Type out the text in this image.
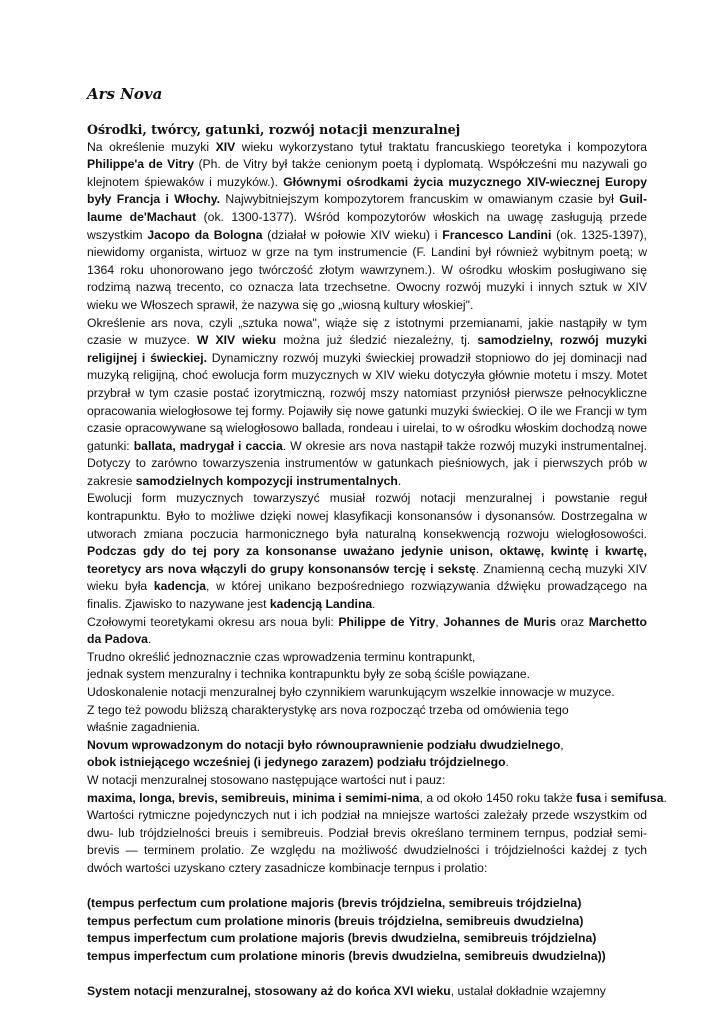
Ars Nova
Ośrodki, twórcy, gatunki, rozwój notacji menzuralnej

Na określenie muzyki XIV wieku wykorzystano tytuł traktatu francuskiego teoretyka i kompozytora Philippe'a de Vitry (Ph. de Vitry był także cenionym poetą i dyplomatą. Współcześni mu nazywali go klejnotem śpiewaków i muzyków.). Głównymi ośrodkami życia muzycznego XIV-wiecznej Europy były Francja i Włochy. Najwybitniejszym kompozytorem francuskim w omawianym czasie był Guillaume de'Machaut (ok. 1300-1377). Wśród kompozytorów włoskich na uwagę zasługują przede wszystkim Jacopo da Bologna (działał w połowie XIV wieku) i Francesco Landini (ok. 1325-1397), niewidomy organista, wirtuoz w grze na tym instrumencie (F. Landini był również wybitnym poetą; w 1364 roku uhonorowano jego twórczość złotym wawrzynem.). W ośrodku włoskim posługiwano się rodzimą nazwą trecento, co oznacza lata trzechsetne. Owocny rozwój muzyki i innych sztuk w XIV wieku we Włoszech sprawił, że nazywa się go „wiosną kultury włoskiej".

Określenie ars nova, czyli „sztuka nowa", wiąże się z istotnymi przemianami, jakie nastąpiły w tym czasie w muzyce. W XIV wieku można już śledzić niezależny, tj. samodzielny, rozwój muzyki religijnej i świeckiej. Dynamiczny rozwój muzyki świeckiej prowadził stopniowo do jej dominacji nad muzyką religijną, choć ewolucja form muzycznych w XIV wieku dotyczyła głównie motetu i mszy. Motet przybrał w tym czasie postać izorytmiczną, rozwój mszy natomiast przyniósł pierwsze pełnocykliczne opracowania wielogłosowe tej formy. Pojawiły się nowe gatunki muzyki świeckiej. O ile we Francji w tym czasie opracowywane są wielogłosowo ballada, rondeau i uirelai, to w ośrodku włoskim dochodzą nowe gatunki: ballata, madrygał i caccia. W okresie ars nova nastąpił także rozwój muzyki instrumentalnej. Dotyczy to zarówno towarzyszenia instrumentów w gatunkach pieśniowych, jak i pierwszych prób w zakresie samodzielnych kompozycji instrumentalnych.

Ewolucji form muzycznych towarzyszyć musiał rozwój notacji menzuralnej i powstanie reguł kontrapunktu. Było to możliwe dzięki nowej klasyfikacji konsonansów i dysonansów. Dostrzegalna w utworach zmiana poczucia harmonicznego była naturalną konsekwencją rozwoju wielogłosowości. Podczas gdy do tej pory za konsonanse uważano jedynie unison, oktawę, kwintę i kwartę, teoretycy ars nova włączyli do grupy konsonansów tercję i sekstę. Znamienną cechą muzyki XIV wieku była kadencja, w której unikano bezpośredniego rozwiązywania dźwięku prowadzącego na finalis. Zjawisko to nazywane jest kadencją Landina.

Czołowymi teoretykami okresu ars noua byli: Philippe de Yitry, Johannes de Muris oraz Marchetto da Padova.

Trudno określić jednoznacznie czas wprowadzenia terminu kontrapunkt,

jednak system menzuralny i technika kontrapunktu były ze sobą ściśle powiązane.

Udoskonalenie notacji menzuralnej było czynnikiem warunkującym wszelkie innowacje w muzyce.

Z tego też powodu bliższą charakterystykę ars nova rozpocząć trzeba od omówienia tego

właśnie zagadnienia.

Novum wprowadzonym do notacji było równouprawnienie podziału dwudzielnego,

obok istniejącego wcześniej (i jedynego zarazem) podziału trójdzielnego.

W notacji menzuralnej stosowano następujące wartości nut i pauz:

maxima, longa, brevis, semibreuis, minima i semimi-nima, a od około 1450 roku także fusa i semifusa.

Wartości rytmiczne pojedynczych nut i ich podział na mniejsze wartości zależały przede wszystkim od dwu- lub trójdzielności breuis i semibreuis. Podział brevis określano terminem ternpus, podział semibrevis — terminem prolatio. Ze względu na możliwość dwudzielności i trójdzielności każdej z tych dwóch wartości uzyskano cztery zasadnicze kombinacje ternpus i prolatio:

(tempus perfectum cum prolatione majoris (brevis trójdzielna, semibreuis trójdzielna)

tempus perfectum cum prolatione minoris (breuis trójdzielna, semibreuis dwudzielna)

tempus imperfectum cum prolatione majoris (brevis dwudzielna, semibreuis trójdzielna)

tempus imperfectum cum prolatione minoris (brevis dwudzielna, semibreuis dwudzielna))

System notacji menzuralnej, stosowany aż do końca XVI wieku, ustalał dokładnie wzajemny
